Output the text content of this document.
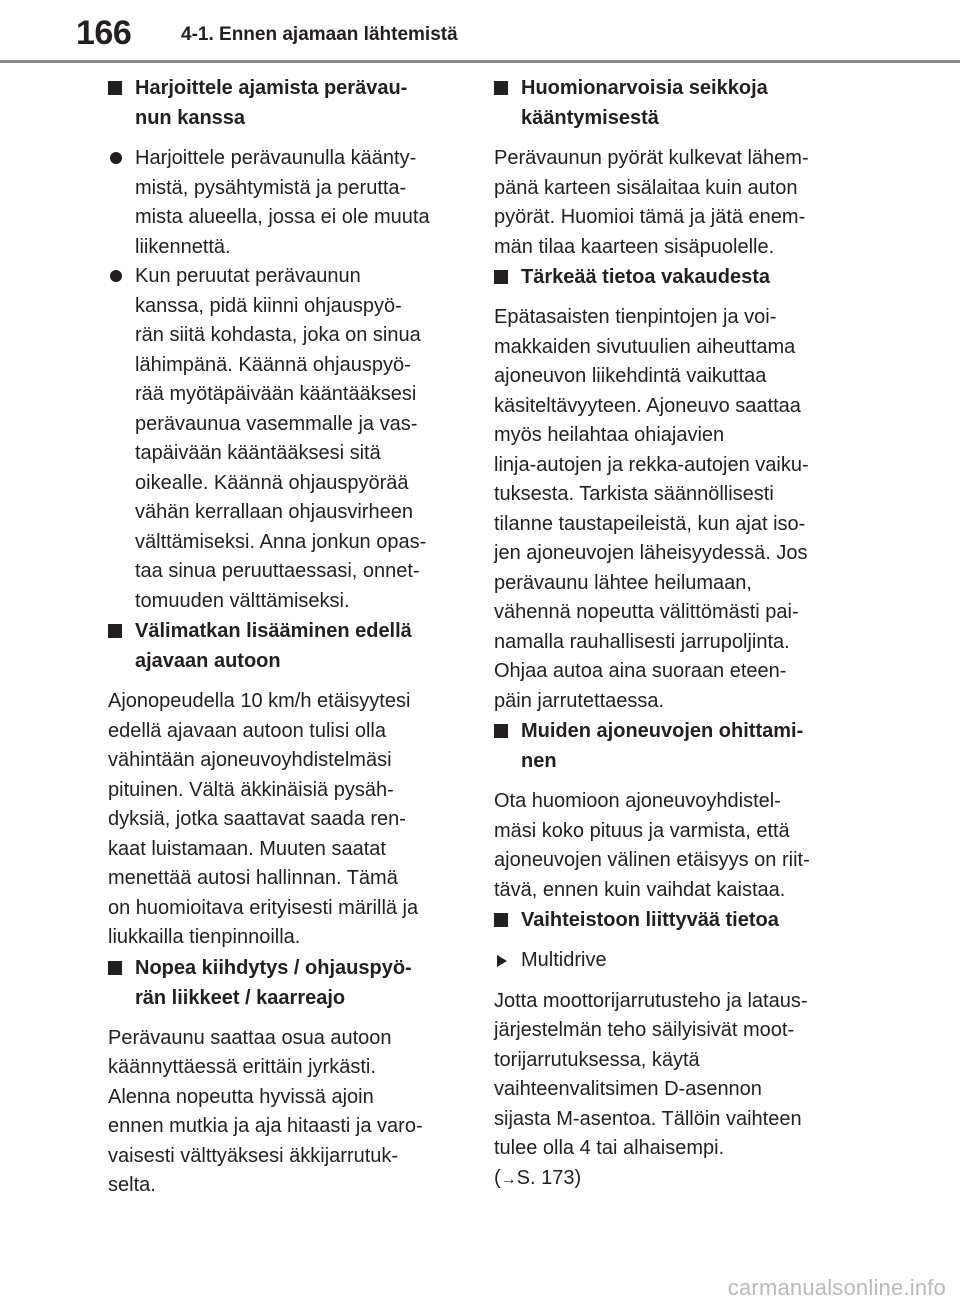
166	4-1. Ennen ajamaan lähtemistä
Harjoittele ajamista perävau-
nun kanssa
Harjoittele perävaunulla käänty-
mistä, pysähtymistä ja perutta-
mista alueella, jossa ei ole muuta
liikennettä.
Kun peruutat perävaunun
kanssa, pidä kiinni ohjauspyö-
rän siitä kohdasta, joka on sinua
lähimpänä. Käännä ohjauspyö-
rää myötäpäivään kääntääksesi
perävaunua vasemmalle ja vas-
tapäivään kääntääksesi sitä
oikealle. Käännä ohjauspyörää
vähän kerrallaan ohjausvirheen
välttämiseksi. Anna jonkun opas-
taa sinua peruuttaessasi, onnet-
tomuuden välttämiseksi.
Välimatkan lisääminen edellä
ajavaan autoon
Ajonopeudella 10 km/h etäisyytesi
edellä ajavaan autoon tulisi olla
vähintään ajoneuvoyhdistelmäsi
pituinen. Vältä äkkinäisiä pysäh-
dyksiä, jotka saattavat saada ren-
kaat luistamaan. Muuten saatat
menettää autosi hallinnan. Tämä
on huomioitava erityisesti märillä ja
liukkailla tienpinnoilla.
Nopea kiihdytys / ohjauspyö-
rän liikkeet / kaarreajo
Perävaunu saattaa osua autoon
käännyttäessä erittäin jyrkästi.
Alenna nopeutta hyvissä ajoin
ennen mutkia ja aja hitaasti ja varo-
vaisesti välttyäksesi äkkijarrutuk-
selta.
Huomionarvoisia seikkoja
kääntymisestä
Perävaunun pyörät kulkevat lähem-
pänä karteen sisälaitaa kuin auton
pyörät. Huomioi tämä ja jätä enem-
män tilaa kaarteen sisäpuolelle.
Tärkeää tietoa vakaudesta
Epätasaisten tienpintojen ja voi-
makkaiden sivutuulien aiheuttama
ajoneuvon liikehdintä vaikuttaa
käsiteltävyyteen. Ajoneuvo saattaa
myös heilahtaa ohiajavien
linja-autojen ja rekka-autojen vaiku-
tuksesta. Tarkista säännöllisesti
tilanne taustapeileistä, kun ajat iso-
jen ajoneuvojen läheisyydessä. Jos
perävaunu lähtee heilumaan,
vähennä nopeutta välittömästi pai-
namalla rauhallisesti jarrupoljinta.
Ohjaa autoa aina suoraan eteen-
päin jarrutettaessa.
Muiden ajoneuvojen ohittami-
nen
Ota huomioon ajoneuvoyhdistel-
mäsi koko pituus ja varmista, että
ajoneuvojen välinen etäisyys on riit-
tävä, ennen kuin vaihdat kaistaa.
Vaihteistoon liittyvää tietoa
Multidrive
Jotta moottorijarrutusteho ja lataus-
järjestelmän teho säilyisivät moot-
torijarrutuksessa, käytä
vaihteenvalitsimen D-asennon
sijasta M-asentoa. Tällöin vaihteen
tulee olla 4 tai alhaisempi.
(→S. 173)
carmanualsonline.info
